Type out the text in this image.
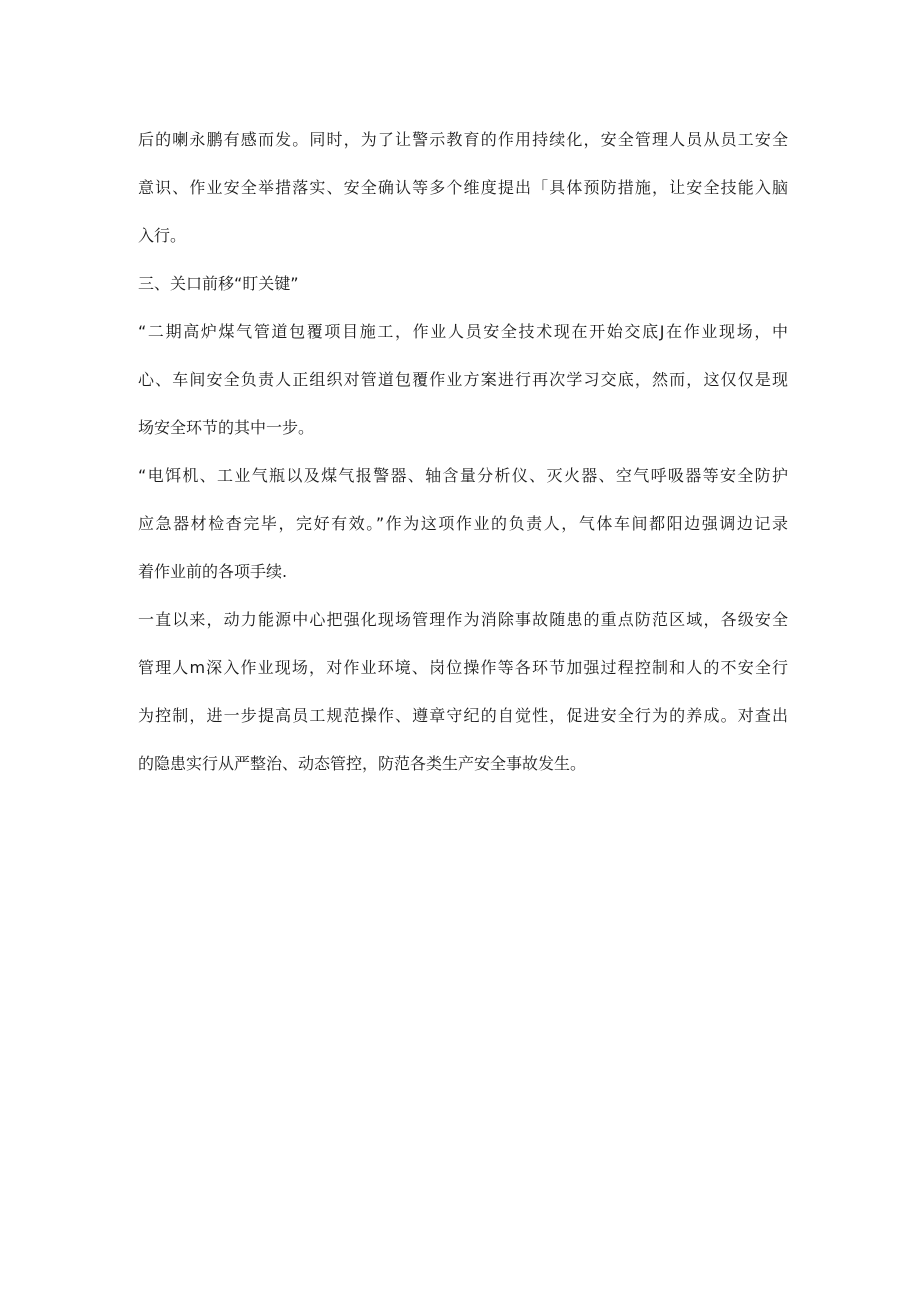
后的喇永鹏有感而发。同时，为了让警示教育的作用持续化，安全管理人员从员工安全
意识、作业安全举措落实、安全确认等多个维度提出「具体预防措施，让安全技能入脑
入行。
三、关口前移“盯关键”
“二期高炉煤气管道包覆项目施工，作业人员安全技术现在开始交底J在作业现场，中
心、车间安全负责人正组织对管道包覆作业方案进行再次学习交底，然而，这仅仅是现
场安全环节的其中一步。
“电饵机、工业气瓶以及煤气报警器、轴含量分析仪、灭火器、空气呼吸器等安全防护
应急器材检杳完毕，完好有效。”作为这项作业的负责人，气体车间都阳边强调边记录
着作业前的各项手续.
一直以来，动力能源中心把强化现场管理作为消除事故随患的重点防范区域，各级安全
管理人m深入作业现场，对作业环境、岗位操作等各环节加强过程控制和人的不安全行
为控制，进一步提高员工规范操作、遵章守纪的自觉性，促进安全行为的养成。对查出
的隐患实行从严整治、动态管控，防范各类生产安全事故发生。
